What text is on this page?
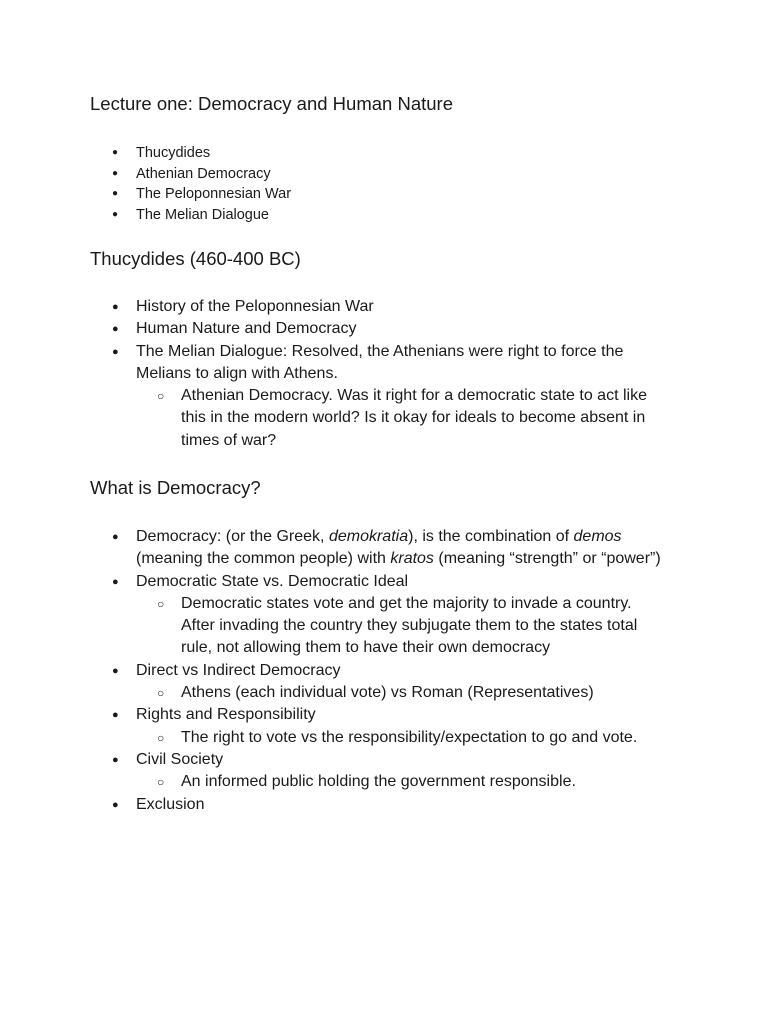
Lecture one: Democracy and Human Nature
● Thucydides
● Athenian Democracy
● The Peloponnesian War
● The Melian Dialogue
Thucydides (460-400 BC)
● History of the Peloponnesian War
● Human Nature and Democracy
● The Melian Dialogue: Resolved, the Athenians were right to force the
Melians to align with Athens.
○ Athenian Democracy. Was it right for a democratic state to act like
this in the modern world? Is it okay for ideals to become absent in
times of war?
What is Democracy?
● Democracy: (or the Greek, demokratia), is the combination of demos
(meaning the common people) with kratos (meaning “strength” or “power”)
● Democratic State vs. Democratic Ideal
○ Democratic states vote and get the majority to invade a country.
After invading the country they subjugate them to the states total
rule, not allowing them to have their own democracy
● Direct vs Indirect Democracy
○ Athens (each individual vote) vs Roman (Representatives)
● Rights and Responsibility
○ The right to vote vs the responsibility/expectation to go and vote.
● Civil Society
○ An informed public holding the government responsible.
● Exclusion
